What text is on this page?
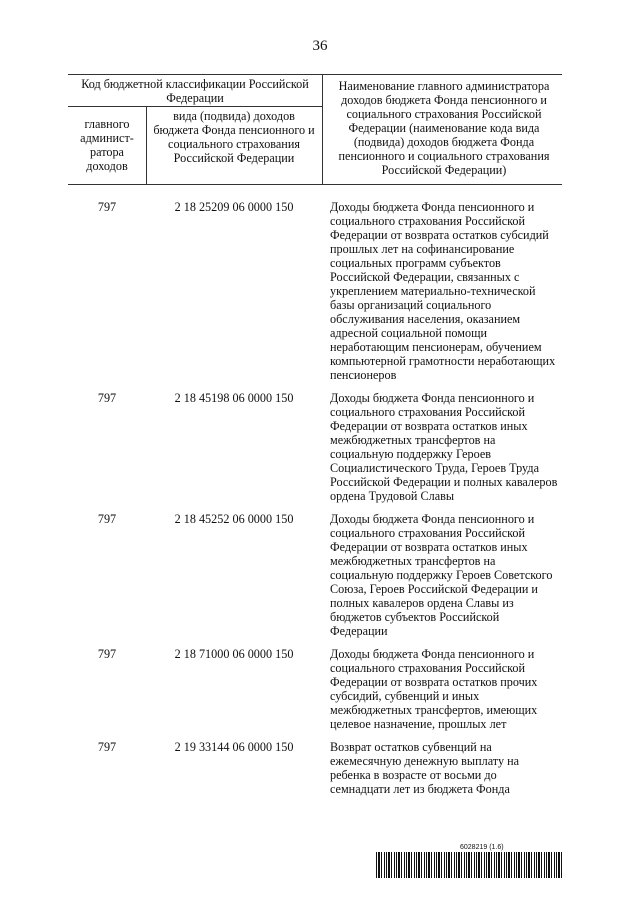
36
Код бюджетной классификации Российской Федерации
главного админист-ратора доходов
вида (подвида) доходов бюджета Фонда пенсионного и социального страхования Российской Федерации
Наименование главного администратора доходов бюджета Фонда пенсионного и социального страхования Российской Федерации (наименование кода вида (подвида) доходов бюджета Фонда пенсионного и социального страхования Российской Федерации)
797	2 18 25209 06 0000 150	Доходы бюджета Фонда пенсионного и социального страхования Российской Федерации от возврата остатков субсидий прошлых лет на софинансирование социальных программ субъектов Российской Федерации, связанных с укреплением материально-технической базы организаций социального обслуживания населения, оказанием адресной социальной помощи неработающим пенсионерам, обучением компьютерной грамотности неработающих пенсионеров
797	2 18 45198 06 0000 150	Доходы бюджета Фонда пенсионного и социального страхования Российской Федерации от возврата остатков иных межбюджетных трансфертов на социальную поддержку Героев Социалистического Труда, Героев Труда Российской Федерации и полных кавалеров ордена Трудовой Славы
797	2 18 45252 06 0000 150	Доходы бюджета Фонда пенсионного и социального страхования Российской Федерации от возврата остатков иных межбюджетных трансфертов на социальную поддержку Героев Советского Союза, Героев Российской Федерации и полных кавалеров ордена Славы из бюджетов субъектов Российской Федерации
797	2 18 71000 06 0000 150	Доходы бюджета Фонда пенсионного и социального страхования Российской Федерации от возврата остатков прочих субсидий, субвенций и иных межбюджетных трансфертов, имеющих целевое назначение, прошлых лет
797	2 19 33144 06 0000 150	Возврат остатков субвенций на ежемесячную денежную выплату на ребенка в возрасте от восьми до семнадцати лет из бюджета Фонда
6028219 (1.6)
